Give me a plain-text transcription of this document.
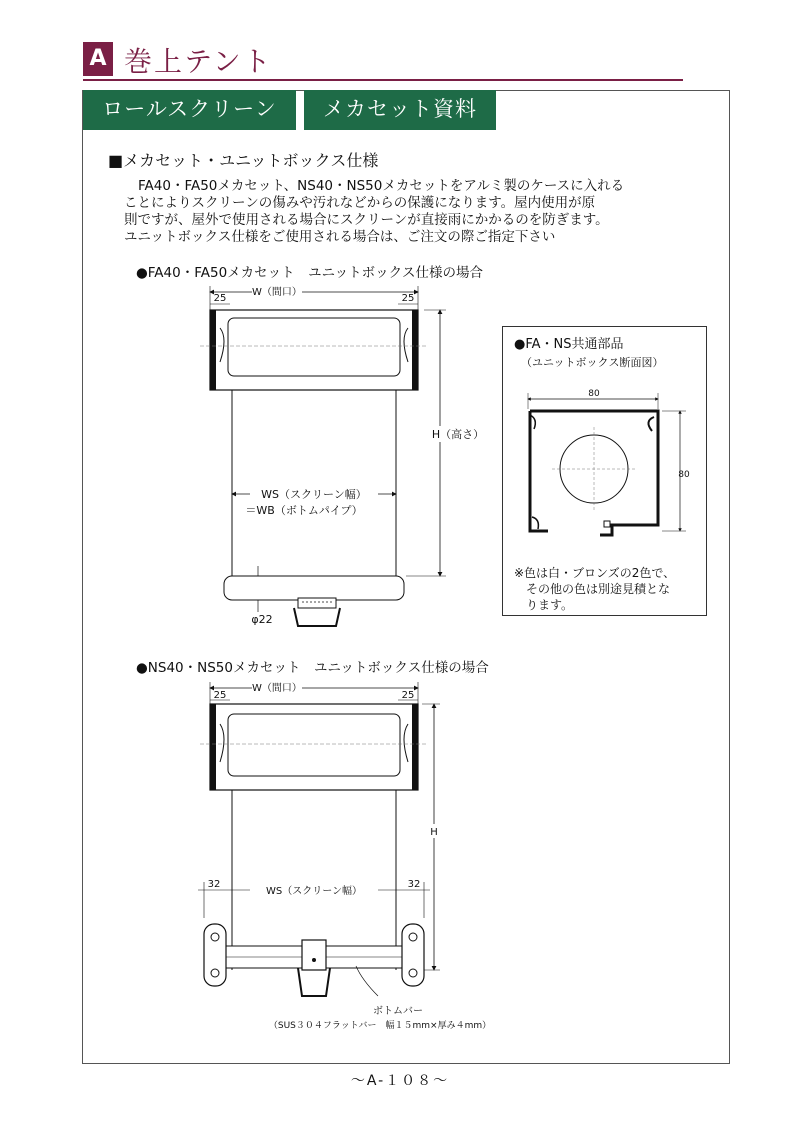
A 巻上テント
ロールスクリーン	メカセット資料
■メカセット・ユニットボックス仕様
FA40・FA50メカセット、NS40・NS50メカセットをアルミ製のケースに入れる
ことによりスクリーンの傷みや汚れなどからの保護になります。屋内使用が原
則ですが、屋外で使用される場合にスクリーンが直接雨にかかるのを防ぎます。
ユニットボックス仕様をご使用される場合は、ご注文の際ご指定下さい
●FA40・FA50メカセット　ユニットボックス仕様の場合
W（間口）
25	25
H（高さ）
WS（スクリーン幅）
＝WB（ボトムパイプ）
φ22
●FA・NS共通部品
（ユニットボックス断面図）
80
80
※色は白・ブロンズの2色で、
その他の色は別途見積とな
ります。
●NS40・NS50メカセット　ユニットボックス仕様の場合
W（間口）
25	25
H
32	32
WS（スクリーン幅）
ボトムバー
（SUS３０４フラットバー　幅１５mm×厚み４mm）
～A-１０８～
